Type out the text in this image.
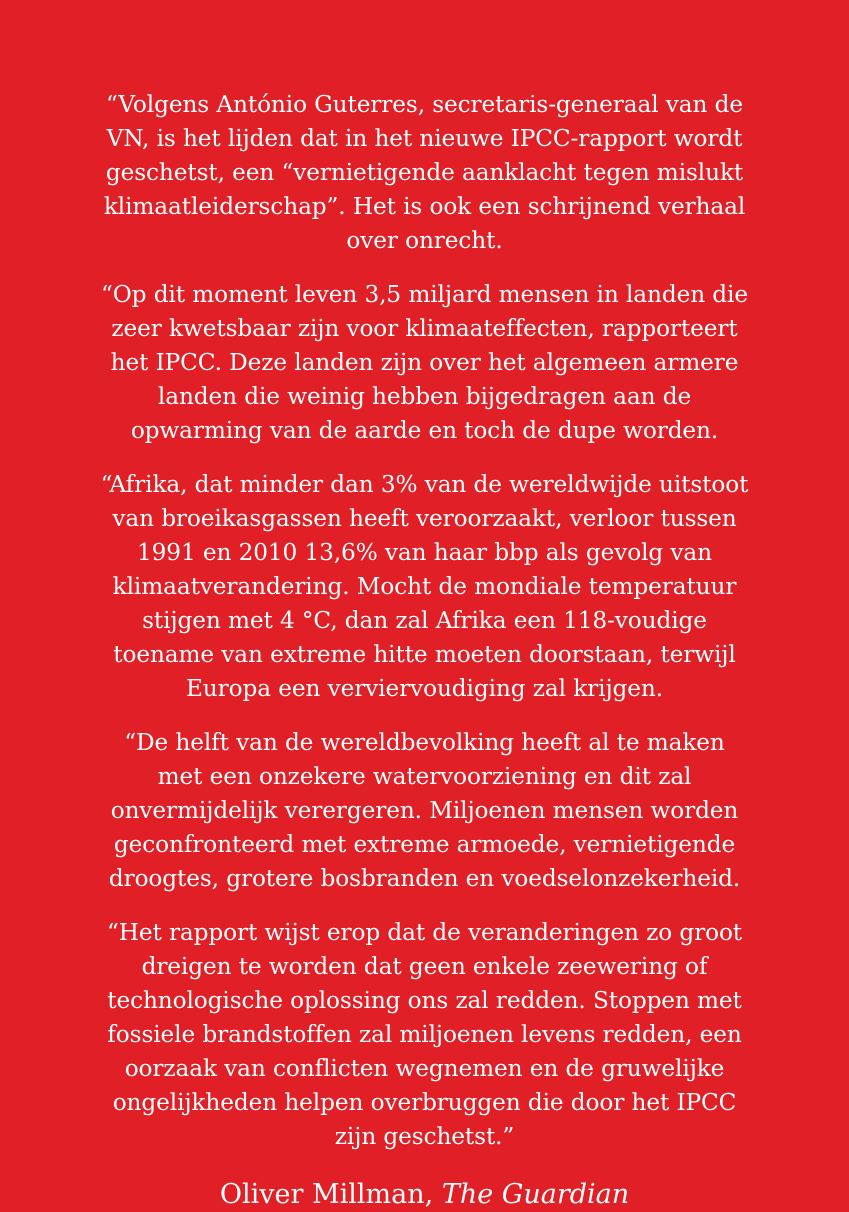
“Volgens António Guterres, secretaris-generaal van de
VN, is het lijden dat in het nieuwe IPCC-rapport wordt
geschetst, een “vernietigende aanklacht tegen mislukt
klimaatleiderschap”. Het is ook een schrijnend verhaal
over onrecht.
“Op dit moment leven 3,5 miljard mensen in landen die
zeer kwetsbaar zijn voor klimaateffecten, rapporteert
het IPCC. Deze landen zijn over het algemeen armere
landen die weinig hebben bijgedragen aan de
opwarming van de aarde en toch de dupe worden.
“Afrika, dat minder dan 3% van de wereldwijde uitstoot
van broeikasgassen heeft veroorzaakt, verloor tussen
1991 en 2010 13,6% van haar bbp als gevolg van
klimaatverandering. Mocht de mondiale temperatuur
stijgen met 4 °C, dan zal Afrika een 118-voudige
toename van extreme hitte moeten doorstaan, terwijl
Europa een verviervoudiging zal krijgen.
“De helft van de wereldbevolking heeft al te maken
met een onzekere watervoorziening en dit zal
onvermijdelijk verergeren. Miljoenen mensen worden
geconfronteerd met extreme armoede, vernietigende
droogtes, grotere bosbranden en voedselonzekerheid.
“Het rapport wijst erop dat de veranderingen zo groot
dreigen te worden dat geen enkele zeewering of
technologische oplossing ons zal redden. Stoppen met
fossiele brandstoffen zal miljoenen levens redden, een
oorzaak van conflicten wegnemen en de gruwelijke
ongelijkheden helpen overbruggen die door het IPCC
zijn geschetst.”
Oliver Millman, The Guardian
